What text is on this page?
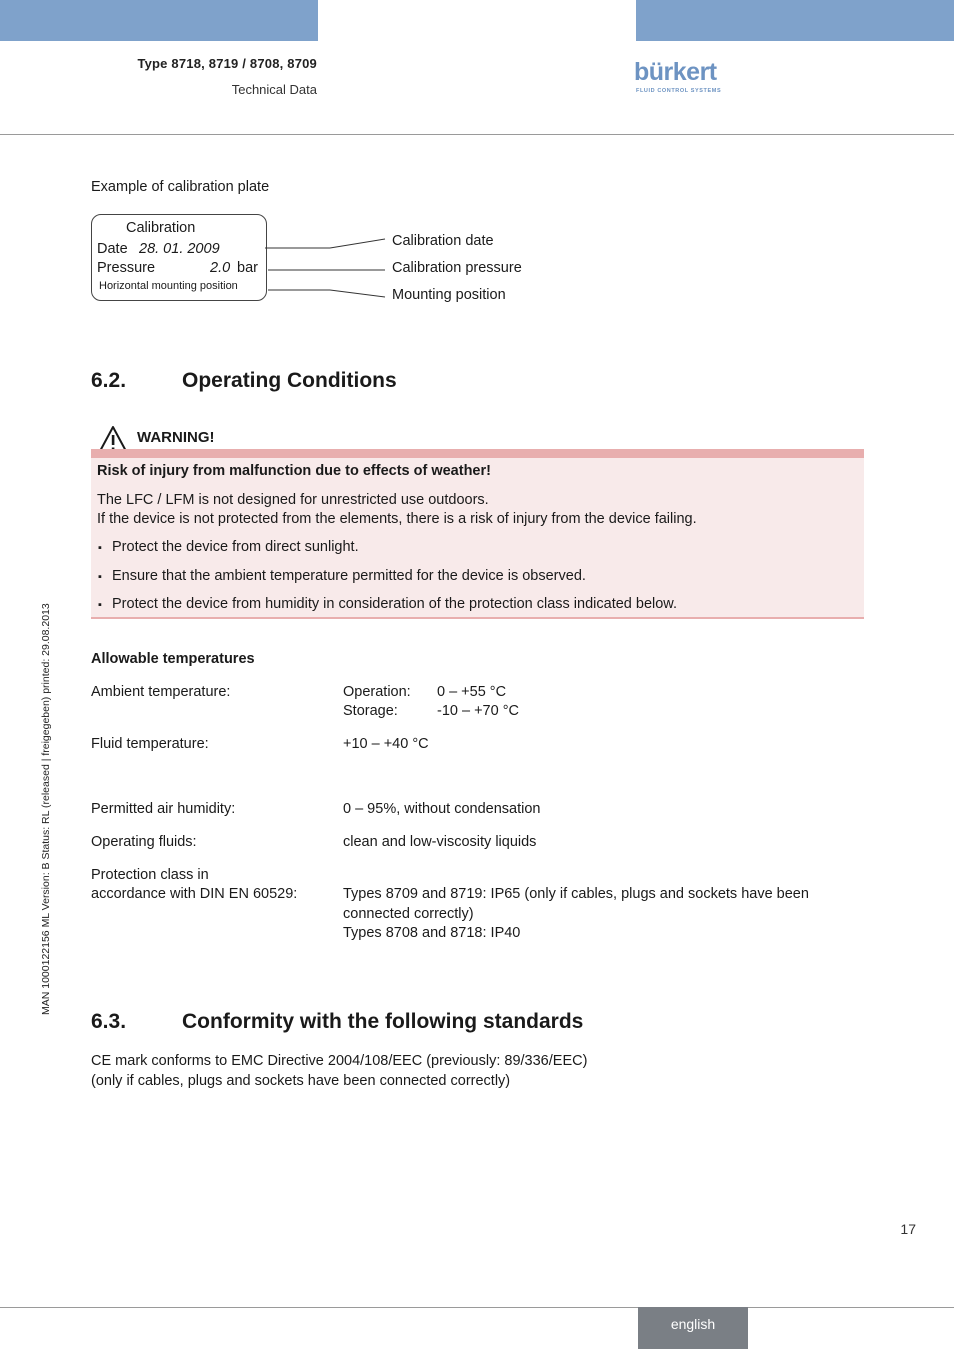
Type 8718, 8719 / 8708, 8709
Technical Data
bürkert
FLUID CONTROL SYSTEMS
Example of calibration plate
Calibration
Date 28. 01. 2009
Pressure	2.0 bar
Horizontal mounting position
Calibration date
Calibration pressure
Mounting position
6.2.	Operating Conditions
WARNING!
Risk of injury from malfunction due to effects of weather!
The LFC / LFM is not designed for unrestricted use outdoors.
If the device is not protected from the elements, there is a risk of injury from the device failing.
▪ Protect the device from direct sunlight.
▪ Ensure that the ambient temperature permitted for the device is observed.
▪ Protect the device from humidity in consideration of the protection class indicated below.
Allowable temperatures
Ambient temperature:	Operation: 0 – +55 °C
Storage:	-10 – +70 °C
Fluid temperature:	+10 – +40 °C
Permitted air humidity:	0 – 95%, without condensation
Operating fluids:	clean and low-viscosity liquids
Protection class in
accordance with DIN EN 60529:	Types 8709 and 8719: IP65 (only if cables, plugs and sockets have been
connected correctly)
Types 8708 and 8718: IP40
6.3.	Conformity with the following standards
CE mark conforms to EMC Directive 2004/108/EEC (previously: 89/336/EEC)
(only if cables, plugs and sockets have been connected correctly)
MAN 1000122156 ML Version: B Status: RL (released | freigegeben) printed: 29.08.2013
17
english
